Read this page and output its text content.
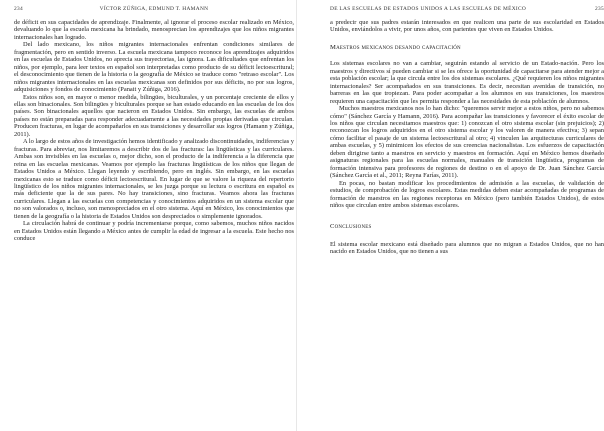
234	VÍCTOR ZÚÑIGA, EDMUND T. HAMANN

de déficit en sus capacidades de aprendizaje. Finalmente, al ignorar el proceso escolar realizado en México, devaluando lo que la escuela mexicana ha brindado, menosprecian los aprendizajes que los niños migrantes internacionales han logrado.

Del lado mexicano, los niños migrantes internacionales enfrentan condiciones similares de fragmentación, pero en sentido inverso. La escuela mexicana tampoco reconoce los aprendizajes adquiridos en las escuelas de Estados Unidos, no aprecia sus trayectorias, las ignora. Las dificultades que enfrentan los niños, por ejemplo, para leer textos en español son interpretadas como producto de su déficit lectoescritural; el desconocimiento que tienen de la historia o la geografía de México se traduce como "retraso escolar". Los niños migrantes internacionales en las escuelas mexicanas son definidos por sus déficits, no por sus logros, adquisiciones y fondos de conocimiento (Panait y Zúñiga, 2016).

Estos niños son, en mayor o menor medida, bilingües, biculturales, y un porcentaje creciente de ellos y ellas son binacionales. Son bilingües y biculturales porque se han estado educando en las escuelas de los dos países. Son binacionales aquellos que nacieron en Estados Unidos. Sin embargo, las escuelas de ambos países no están preparadas para responder adecuadamente a las necesidades propias derivadas que circulan. Producen fracturas, en lugar de acompañarlos en sus transiciones y desarrollar sus logros (Hamann y Zúñiga, 2011).

A lo largo de estos años de investigación hemos identificado y analizado discontinuidades, indiferencias y fracturas. Para abreviar, nos limitaremos a describir dos de las fracturas: las lingüísticas y las curriculares. Ambas son invisibles en las escuelas o, mejor dicho, son el producto de la indiferencia a la diferencia que reina en las escuelas mexicanas. Veamos por ejemplo las fracturas lingüísticas de los niños que llegan de Estados Unidos a México. Llegan leyendo y escribiendo, pero en inglés. Sin embargo, en las escuelas mexicanas esto se traduce como déficit lectoescritural. En lugar de que se valore la riqueza del repertorio lingüístico de los niños migrantes internacionales, se les juzga porque su lectura o escritura en español es más deficiente que la de sus pares. No hay transiciones, sino fracturas. Veamos ahora las fracturas curriculares. Llegan a las escuelas con competencias y conocimientos adquiridos en un sistema escolar que no son valorados o, incluso, son menospreciados en el otro sistema. Aquí en México, los conocimientos que tienen de la geografía o la historia de Estados Unidos son despreciados o simplemente ignorados.

La circulación habrá de continuar y podría incrementarse porque, como sabemos, muchos niños nacidos en Estados Unidos están llegando a México antes de cumplir la edad de ingresar a la escuela. Este hecho nos conduce

DE LAS ESCUELAS DE ESTADOS UNIDOS A LAS ESCUELAS DE MÉXICO	235

a predecir que sus padres estarán interesados en que realicen una parte de sus escolaridad en Estados Unidos, enviándolos a vivir, por unos años, con parientes que viven en Estados Unidos.

Maestros mexicanos desando capacitación

Los sistemas escolares no van a cambiar, seguirán estando al servicio de un Estado-nación. Pero los maestros y directivos sí pueden cambiar si se les ofrece la oportunidad de capacitarse para atender mejor a esta población escolar; la que circula entre los dos sistemas escolares. ¿Qué requieren los niños migrantes internacionales? Ser acompañados en sus transiciones. Es decir, necesitan avenidas de transición, no barreras en las que tropiezan. Para poder acompañar a los alumnos en sus transiciones, los maestros requieren una capacitación que les permita responder a las necesidades de esta población de alumnos.

Muchos maestros mexicanos nos lo han dicho: "queremos servir mejor a estos niños, pero no sabemos cómo" (Sánchez García y Hamann, 2016). Para acompañar las transiciones y favorecer el éxito escolar de los niños que circulan necesitamos maestros que: 1) conozcan el otro sistema escolar (sin prejuicios); 2) reconozcan los logros adquiridos en el otro sistema escolar y los valoren de manera efectiva; 3) sepan cómo facilitar el pasaje de un sistema lectoescritural al otro; 4) vinculen las arquitecturas curriculares de ambas escuelas, y 5) minimicen los efectos de sus creencias nacionalistas. Los esfuerzos de capacitación deben dirigirse tanto a maestros en servicio y maestros en formación. Aquí en México hemos diseñado asignaturas regionales para las escuelas normales, manuales de transición lingüística, programas de formación intensiva para profesores de regiones de destino o en el apoyo de Dr. Juan Sánchez García (Sánchez García et al., 2011; Reyna Farías, 2011).

En pocas, no bastan modificar los procedimientos de admisión a las escuelas, de validación de estudios, de comprobación de logros escolares. Estas medidas deben estar acompañadas de programas de formación de maestros en las regiones receptoras en México (pero también Estados Unidos), de estos niños que circulan entre ambos sistemas escolares.

Conclusiones

El sistema escolar mexicano está diseñado para alumnos que no migran a Estados Unidos, que no han nacido en Estados Unidos, que no tienen a sus
